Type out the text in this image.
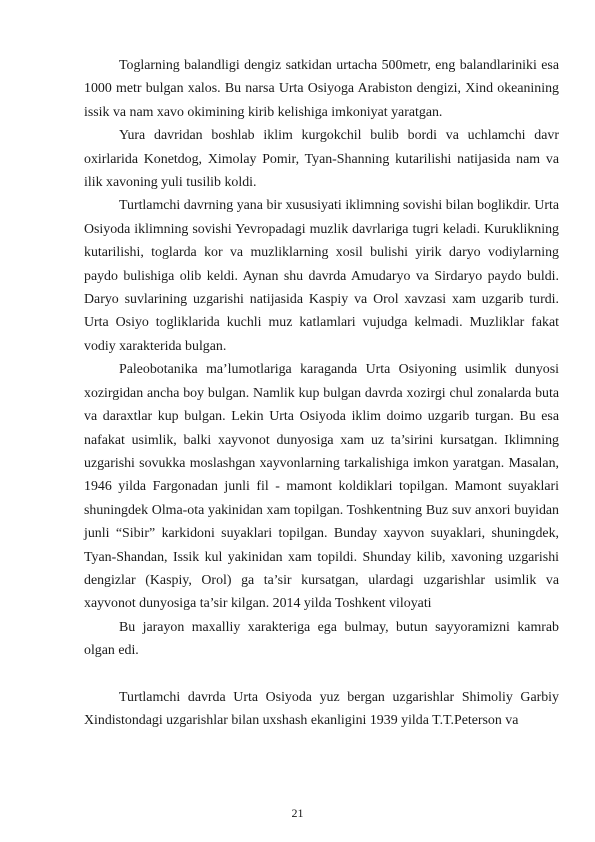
Toglarning balandligi dengiz satkidan urtacha 500metr, eng balandlariniki esa 1000 metr bulgan xalos. Bu narsa Urta Osiyoga Arabiston dengizi, Xind okeanining issik va nam xavo okimining kirib kelishiga imkoniyat yaratgan.

Yura davridan boshlab iklim kurgokchil bulib bordi va uchlamchi davr oxirlarida Konetdog, Ximolay Pomir, Tyan-Shanning kutarilishi natijasida nam va ilik xavoning yuli tusilib koldi.

Turtlamchi davrning yana bir xususiyati iklimning sovishi bilan boglikdir. Urta Osiyoda iklimning sovishi Yevropadagi muzlik davrlariga tugri keladi. Kuruklikning kutarilishi, toglarda kor va muzliklarning xosil bulishi yirik daryo vodiylarning paydo bulishiga olib keldi. Aynan shu davrda Amudaryo va Sirdaryo paydo buldi. Daryo suvlarining uzgarishi natijasida Kaspiy va Orol xavzasi xam uzgarib turdi. Urta Osiyo togliklarida kuchli muz katlamlari vujudga kelmadi. Muzliklar fakat vodiy xarakterida bulgan.

Paleobotanika ma’lumotlariga karaganda Urta Osiyoning usimlik dunyosi xozirgidan ancha boy bulgan. Namlik kup bulgan davrda xozirgi chul zonalarda buta va daraxtlar kup bulgan. Lekin Urta Osiyoda iklim doimo uzgarib turgan. Bu esa nafakat usimlik, balki xayvonot dunyosiga xam uz ta’sirini kursatgan. Iklimning uzgarishi sovukka moslashgan xayvonlarning tarkalishiga imkon yaratgan. Masalan, 1946 yilda Fargonadan junli fil - mamont koldiklari topilgan. Mamont suyaklari shuningdek Olma-ota yakinidan xam topilgan. Toshkentning Buz suv anxori buyidan junli “Sibir” karkidoni suyaklari topilgan. Bunday xayvon suyaklari, shuningdek, Tyan-Shandan, Issik kul yakinidan xam topildi. Shunday kilib, xavoning uzgarishi dengizlar (Kaspiy, Orol) ga ta’sir kursatgan, ulardagi uzgarishlar usimlik va xayvonot dunyosiga ta’sir kilgan. 2014 yilda Toshkent viloyati

Bu jarayon maxalliy xarakteriga ega bulmay, butun sayyoramizni kamrab olgan edi.

Turtlamchi davrda Urta Osiyoda yuz bergan uzgarishlar Shimoliy Garbiy Xindistondagi uzgarishlar bilan uxshash ekanligini 1939 yilda T.T.Peterson va

21
